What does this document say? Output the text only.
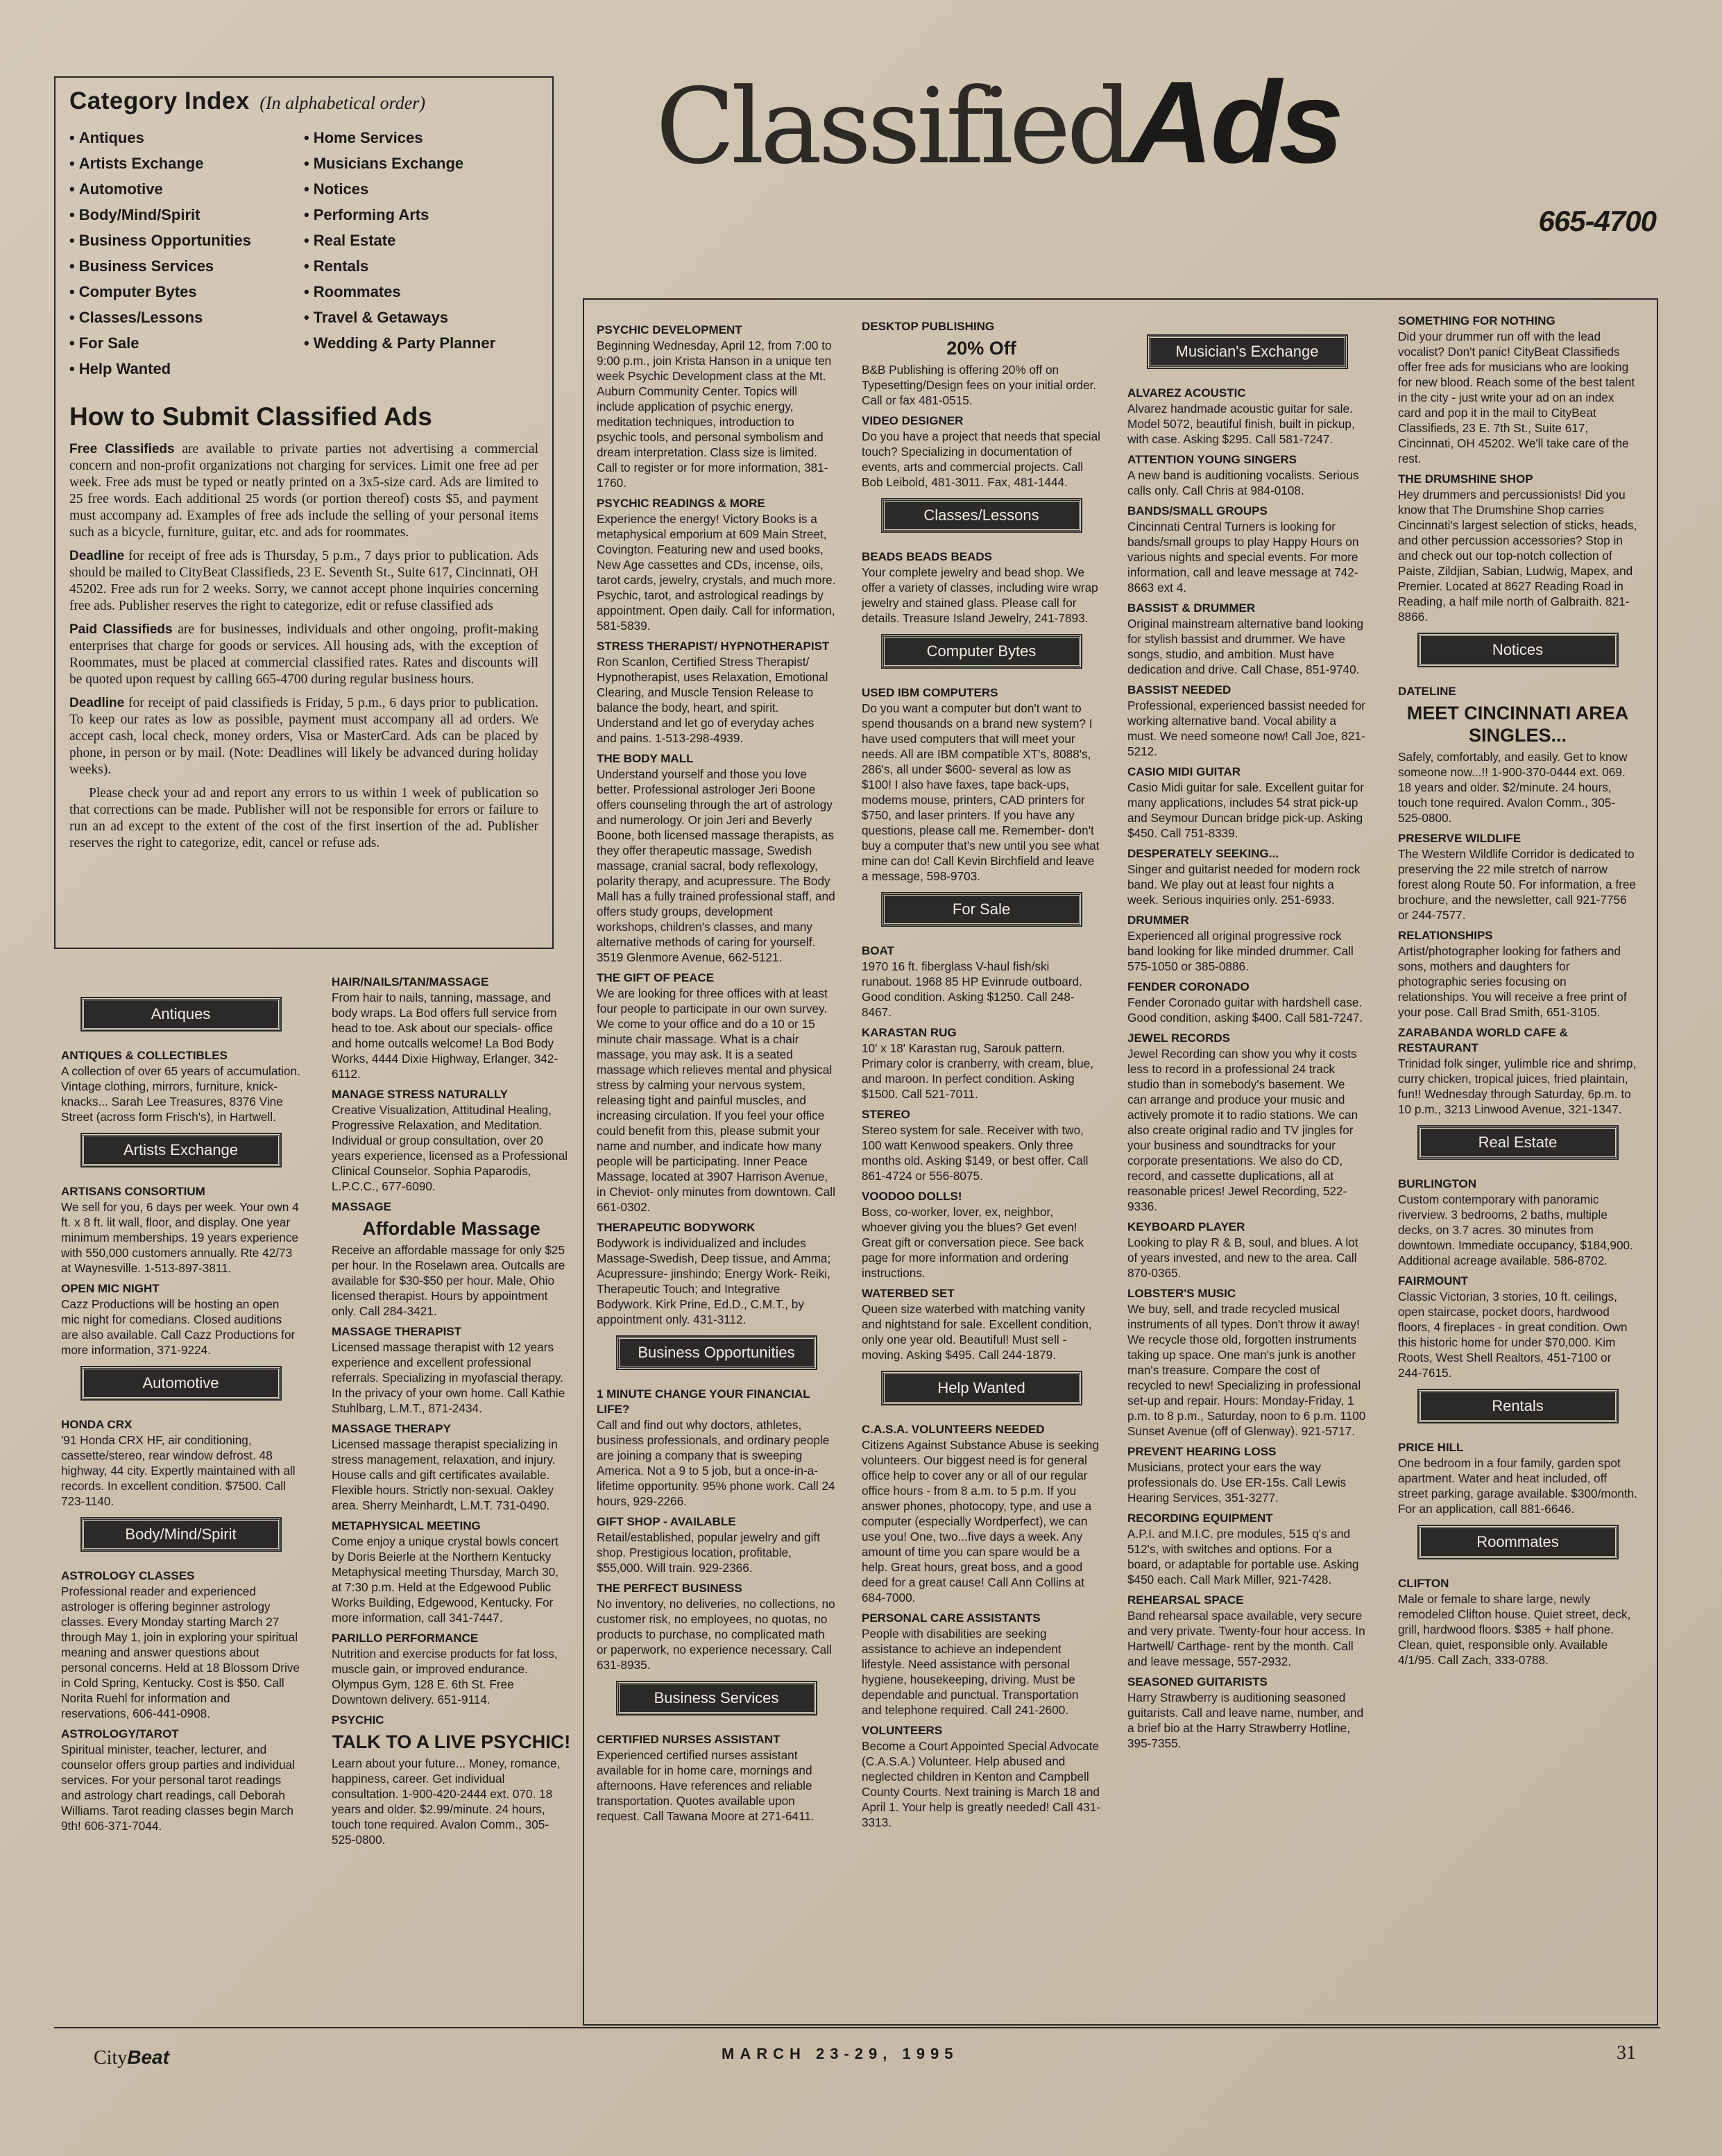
Category Index (In alphabetical order)
• Antiques
• Artists Exchange
• Automotive
• Body/Mind/Spirit
• Business Opportunities
• Business Services
• Computer Bytes
• Classes/Lessons
• For Sale
• Help Wanted
• Home Services
• Musicians Exchange
• Notices
• Performing Arts
• Real Estate
• Rentals
• Roommates
• Travel & Getaways
• Wedding & Party Planner
How to Submit Classified Ads

Free Classifieds are available to private parties not advertising a commercial concern and non-profit organizations not charging for services. Limit one free ad per week. Free ads must be typed or neatly printed on a 3x5-size card. Ads are limited to 25 free words. Each additional 25 words (or portion thereof) costs $5, and payment must accompany ad. Examples of free ads include the selling of your personal items such as a bicycle, furniture, guitar, etc. and ads for roommates.

Deadline for receipt of free ads is Thursday, 5 p.m., 7 days prior to publication. Ads should be mailed to CityBeat Classifieds, 23 E. Seventh St., Suite 617, Cincinnati, OH 45202. Free ads run for 2 weeks. Sorry, we cannot accept phone inquiries concerning free ads. Publisher reserves the right to categorize, edit or refuse classified ads

Paid Classifieds are for businesses, individuals and other ongoing, profit-making enterprises that charge for goods or services. All housing ads, with the exception of Roommates, must be placed at commercial classified rates. Rates and discounts will be quoted upon request by calling 665-4700 during regular business hours.

Deadline for receipt of paid classifieds is Friday, 5 p.m., 6 days prior to publication. To keep our rates as low as possible, payment must accompany all ad orders. We accept cash, local check, money orders, Visa or MasterCard. Ads can be placed by phone, in person or by mail. (Note: Deadlines will likely be advanced during holiday weeks).

Please check your ad and report any errors to us within 1 week of publication so that corrections can be made. Publisher will not be responsible for errors or failure to run an ad except to the extent of the cost of the first insertion of the ad. Publisher reserves the right to categorize, edit, cancel or refuse ads.

ClassifiedAds
665-4700
Antiques
ANTIQUES & COLLECTIBLES
A collection of over 65 years of accumulation. Vintage clothing, mirrors, furniture, knick-knacks... Sarah Lee Treasures, 8376 Vine Street (across form Frisch's), in Hartwell.
Artists Exchange
ARTISANS CONSORTIUM
We sell for you, 6 days per week. Your own 4 ft. x 8 ft. lit wall, floor, and display. One year minimum memberships. 19 years experience with 550,000 customers annually. Rte 42/73 at Waynesville. 1-513-897-3811.
OPEN MIC NIGHT
Cazz Productions will be hosting an open mic night for comedians. Closed auditions are also available. Call Cazz Productions for more information, 371-9224.
Automotive
HONDA CRX
'91 Honda CRX HF, air conditioning, cassette/stereo, rear window defrost. 48 highway, 44 city. Expertly maintained with all records. In excellent condition. $7500. Call 723-1140.
Body/Mind/Spirit
ASTROLOGY CLASSES
Professional reader and experienced astrologer is offering beginner astrology classes. Every Monday starting March 27 through May 1, join in exploring your spiritual meaning and answer questions about personal concerns. Held at 18 Blossom Drive in Cold Spring, Kentucky. Cost is $50. Call Norita Ruehl for information and reservations, 606-441-0908.
ASTROLOGY/TAROT
Spiritual minister, teacher, lecturer, and counselor offers group parties and individual services. For your personal tarot readings and astrology chart readings, call Deborah Williams. Tarot reading classes begin March 9th! 606-371-7044.
HAIR/NAILS/TAN/MASSAGE
From hair to nails, tanning, massage, and body wraps. La Bod offers full service from head to toe. Ask about our specials- office and home outcalls welcome! La Bod Body Works, 4444 Dixie Highway, Erlanger, 342-6112.
MANAGE STRESS NATURALLY
Creative Visualization, Attitudinal Healing, Progressive Relaxation, and Meditation. Individual or group consultation, over 20 years experience, licensed as a Professional Clinical Counselor. Sophia Paparodis, L.P.C.C., 677-6090.
MASSAGE
Affordable Massage
Receive an affordable massage for only $25 per hour. In the Roselawn area. Outcalls are available for $30-$50 per hour. Male, Ohio licensed therapist. Hours by appointment only. Call 284-3421.
MASSAGE THERAPIST
Licensed massage therapist with 12 years experience and excellent professional referrals. Specializing in myofascial therapy. In the privacy of your own home. Call Kathie Stuhlbarg, L.M.T., 871-2434.
MASSAGE THERAPY
Licensed massage therapist specializing in stress management, relaxation, and injury. House calls and gift certificates available. Flexible hours. Strictly non-sexual. Oakley area. Sherry Meinhardt, L.M.T. 731-0490.
METAPHYSICAL MEETING
Come enjoy a unique crystal bowls concert by Doris Beierle at the Northern Kentucky Metaphysical meeting Thursday, March 30, at 7:30 p.m. Held at the Edgewood Public Works Building, Edgewood, Kentucky. For more information, call 341-7447.
PARILLO PERFORMANCE
Nutrition and exercise products for fat loss, muscle gain, or improved endurance. Olympus Gym, 128 E. 6th St. Free Downtown delivery. 651-9114.
PSYCHIC
TALK TO A LIVE PSYCHIC!
Learn about your future... Money, romance, happiness, career. Get individual consultation. 1-900-420-2444 ext. 070. 18 years and older. $2.99/minute. 24 hours, touch tone required. Avalon Comm., 305-525-0800.
PSYCHIC DEVELOPMENT
Beginning Wednesday, April 12, from 7:00 to 9:00 p.m., join Krista Hanson in a unique ten week Psychic Development class at the Mt. Auburn Community Center. Topics will include application of psychic energy, meditation techniques, introduction to psychic tools, and personal symbolism and dream interpretation. Class size is limited. Call to register or for more information, 381-1760.
PSYCHIC READINGS & MORE
Experience the energy! Victory Books is a metaphysical emporium at 609 Main Street, Covington. Featuring new and used books, New Age cassettes and CDs, incense, oils, tarot cards, jewelry, crystals, and much more. Psychic, tarot, and astrological readings by appointment. Open daily. Call for information, 581-5839.
STRESS THERAPIST/ HYPNOTHERAPIST
Ron Scanlon, Certified Stress Therapist/ Hypnotherapist, uses Relaxation, Emotional Clearing, and Muscle Tension Release to balance the body, heart, and spirit. Understand and let go of everyday aches and pains. 1-513-298-4939.
THE BODY MALL
Understand yourself and those you love better. Professional astrologer Jeri Boone offers counseling through the art of astrology and numerology. Or join Jeri and Beverly Boone, both licensed massage therapists, as they offer therapeutic massage, Swedish massage, cranial sacral, body reflexology, polarity therapy, and acupressure. The Body Mall has a fully trained professional staff, and offers study groups, development workshops, children's classes, and many alternative methods of caring for yourself. 3519 Glenmore Avenue, 662-5121.
THE GIFT OF PEACE
We are looking for three offices with at least four people to participate in our own survey. We come to your office and do a 10 or 15 minute chair massage. What is a chair massage, you may ask. It is a seated massage which relieves mental and physical stress by calming your nervous system, releasing tight and painful muscles, and increasing circulation. If you feel your office could benefit from this, please submit your name and number, and indicate how many people will be participating. Inner Peace Massage, located at 3907 Harrison Avenue, in Cheviot- only minutes from downtown. Call 661-0302.
THERAPEUTIC BODYWORK
Bodywork is individualized and includes Massage-Swedish, Deep tissue, and Amma; Acupressure- jinshindo; Energy Work- Reiki, Therapeutic Touch; and Integrative Bodywork. Kirk Prine, Ed.D., C.M.T., by appointment only. 431-3112.
Business Opportunities
1 MINUTE CHANGE YOUR FINANCIAL LIFE?
Call and find out why doctors, athletes, business professionals, and ordinary people are joining a company that is sweeping America. Not a 9 to 5 job, but a once-in-a-lifetime opportunity. 95% phone work. Call 24 hours, 929-2266.
GIFT SHOP - AVAILABLE
Retail/established, popular jewelry and gift shop. Prestigious location, profitable, $55,000. Will train. 929-2366.
THE PERFECT BUSINESS
No inventory, no deliveries, no collections, no customer risk, no employees, no quotas, no products to purchase, no complicated math or paperwork, no experience necessary. Call 631-8935.
Business Services
CERTIFIED NURSES ASSISTANT
Experienced certified nurses assistant available for in home care, mornings and afternoons. Have references and reliable transportation. Quotes available upon request. Call Tawana Moore at 271-6411.
DESKTOP PUBLISHING
20% Off
B&B Publishing is offering 20% off on Typesetting/Design fees on your initial order. Call or fax 481-0515.
VIDEO DESIGNER
Do you have a project that needs that special touch? Specializing in documentation of events, arts and commercial projects. Call Bob Leibold, 481-3011. Fax, 481-1444.
Classes/Lessons
BEADS BEADS BEADS
Your complete jewelry and bead shop. We offer a variety of classes, including wire wrap jewelry and stained glass. Please call for details. Treasure Island Jewelry, 241-7893.
Computer Bytes
USED IBM COMPUTERS
Do you want a computer but don't want to spend thousands on a brand new system? I have used computers that will meet your needs. All are IBM compatible XT's, 8088's, 286's, all under $600- several as low as $100! I also have faxes, tape back-ups, modems mouse, printers, CAD printers for $750, and laser printers. If you have any questions, please call me. Remember- don't buy a computer that's new until you see what mine can do! Call Kevin Birchfield and leave a message, 598-9703.
For Sale
BOAT
1970 16 ft. fiberglass V-haul fish/ski runabout. 1968 85 HP Evinrude outboard. Good condition. Asking $1250. Call 248-8467.
KARASTAN RUG
10' x 18' Karastan rug, Sarouk pattern. Primary color is cranberry, with cream, blue, and maroon. In perfect condition. Asking $1500. Call 521-7011.
STEREO
Stereo system for sale. Receiver with two, 100 watt Kenwood speakers. Only three months old. Asking $149, or best offer. Call 861-4724 or 556-8075.
VOODOO DOLLS!
Boss, co-worker, lover, ex, neighbor, whoever giving you the blues? Get even! Great gift or conversation piece. See back page for more information and ordering instructions.
WATERBED SET
Queen size waterbed with matching vanity and nightstand for sale. Excellent condition, only one year old. Beautiful! Must sell - moving. Asking $495. Call 244-1879.
Help Wanted
C.A.S.A. VOLUNTEERS NEEDED
Citizens Against Substance Abuse is seeking volunteers. Our biggest need is for general office help to cover any or all of our regular office hours - from 8 a.m. to 5 p.m. If you answer phones, photocopy, type, and use a computer (especially Wordperfect), we can use you! One, two...five days a week. Any amount of time you can spare would be a help. Great hours, great boss, and a good deed for a great cause! Call Ann Collins at 684-7000.
PERSONAL CARE ASSISTANTS
People with disabilities are seeking assistance to achieve an independent lifestyle. Need assistance with personal hygiene, housekeeping, driving. Must be dependable and punctual. Transportation and telephone required. Call 241-2600.
VOLUNTEERS
Become a Court Appointed Special Advocate (C.A.S.A.) Volunteer. Help abused and neglected children in Kenton and Campbell County Courts. Next training is March 18 and April 1. Your help is greatly needed! Call 431-3313.
Musician's Exchange
ALVAREZ ACOUSTIC
Alvarez handmade acoustic guitar for sale. Model 5072, beautiful finish, built in pickup, with case. Asking $295. Call 581-7247.
ATTENTION YOUNG SINGERS
A new band is auditioning vocalists. Serious calls only. Call Chris at 984-0108.
BANDS/SMALL GROUPS
Cincinnati Central Turners is looking for bands/small groups to play Happy Hours on various nights and special events. For more information, call and leave message at 742-8663 ext 4.
BASSIST & DRUMMER
Original mainstream alternative band looking for stylish bassist and drummer. We have songs, studio, and ambition. Must have dedication and drive. Call Chase, 851-9740.
BASSIST NEEDED
Professional, experienced bassist needed for working alternative band. Vocal ability a must. We need someone now! Call Joe, 821-5212.
CASIO MIDI GUITAR
Casio Midi guitar for sale. Excellent guitar for many applications, includes 54 strat pick-up and Seymour Duncan bridge pick-up. Asking $450. Call 751-8339.
DESPERATELY SEEKING...
Singer and guitarist needed for modern rock band. We play out at least four nights a week. Serious inquiries only. 251-6933.
DRUMMER
Experienced all original progressive rock band looking for like minded drummer. Call 575-1050 or 385-0886.
FENDER CORONADO
Fender Coronado guitar with hardshell case. Good condition, asking $400. Call 581-7247.
JEWEL RECORDS
Jewel Recording can show you why it costs less to record in a professional 24 track studio than in somebody's basement. We can arrange and produce your music and actively promote it to radio stations. We can also create original radio and TV jingles for your business and soundtracks for your corporate presentations. We also do CD, record, and cassette duplications, all at reasonable prices! Jewel Recording, 522-9336.
KEYBOARD PLAYER
Looking to play R & B, soul, and blues. A lot of years invested, and new to the area. Call 870-0365.
LOBSTER'S MUSIC
We buy, sell, and trade recycled musical instruments of all types. Don't throw it away! We recycle those old, forgotten instruments taking up space. One man's junk is another man's treasure. Compare the cost of recycled to new! Specializing in professional set-up and repair. Hours: Monday-Friday, 1 p.m. to 8 p.m., Saturday, noon to 6 p.m. 1100 Sunset Avenue (off of Glenway). 921-5717.
PREVENT HEARING LOSS
Musicians, protect your ears the way professionals do. Use ER-15s. Call Lewis Hearing Services, 351-3277.
RECORDING EQUIPMENT
A.P.I. and M.I.C. pre modules, 515 q's and 512's, with switches and options. For a board, or adaptable for portable use. Asking $450 each. Call Mark Miller, 921-7428.
REHEARSAL SPACE
Band rehearsal space available, very secure and very private. Twenty-four hour access. In Hartwell/ Carthage- rent by the month. Call and leave message, 557-2932.
SEASONED GUITARISTS
Harry Strawberry is auditioning seasoned guitarists. Call and leave name, number, and a brief bio at the Harry Strawberry Hotline, 395-7355.
SOMETHING FOR NOTHING
Did your drummer run off with the lead vocalist? Don't panic! CityBeat Classifieds offer free ads for musicians who are looking for new blood. Reach some of the best talent in the city - just write your ad on an index card and pop it in the mail to CityBeat Classifieds, 23 E. 7th St., Suite 617, Cincinnati, OH 45202. We'll take care of the rest.
THE DRUMSHINE SHOP
Hey drummers and percussionists! Did you know that The Drumshine Shop carries Cincinnati's largest selection of sticks, heads, and other percussion accessories? Stop in and check out our top-notch collection of Paiste, Zildjian, Sabian, Ludwig, Mapex, and Premier. Located at 8627 Reading Road in Reading, a half mile north of Galbraith. 821-8866.
Notices
DATELINE
MEET CINCINNATI AREA SINGLES...
Safely, comfortably, and easily. Get to know someone now...!! 1-900-370-0444 ext. 069. 18 years and older. $2/minute. 24 hours, touch tone required. Avalon Comm., 305-525-0800.
PRESERVE WILDLIFE
The Western Wildlife Corridor is dedicated to preserving the 22 mile stretch of narrow forest along Route 50. For information, a free brochure, and the newsletter, call 921-7756 or 244-7577.
RELATIONSHIPS
Artist/photographer looking for fathers and sons, mothers and daughters for photographic series focusing on relationships. You will receive a free print of your pose. Call Brad Smith, 651-3105.
ZARABANDA WORLD CAFE & RESTAURANT
Trinidad folk singer, yulimble rice and shrimp, curry chicken, tropical juices, fried plaintain, fun!! Wednesday through Saturday, 6p.m. to 10 p.m., 3213 Linwood Avenue, 321-1347.
Real Estate
BURLINGTON
Custom contemporary with panoramic riverview. 3 bedrooms, 2 baths, multiple decks, on 3.7 acres. 30 minutes from downtown. Immediate occupancy, $184,900. Additional acreage available. 586-8702.
FAIRMOUNT
Classic Victorian, 3 stories, 10 ft. ceilings, open staircase, pocket doors, hardwood floors, 4 fireplaces - in great condition. Own this historic home for under $70,000. Kim Roots, West Shell Realtors, 451-7100 or 244-7615.
Rentals
PRICE HILL
One bedroom in a four family, garden spot apartment. Water and heat included, off street parking, garage available. $300/month. For an application, call 881-6646.
Roommates
CLIFTON
Male or female to share large, newly remodeled Clifton house. Quiet street, deck, grill, hardwood floors. $385 + half phone. Clean, quiet, responsible only. Available 4/1/95. Call Zach, 333-0788.
CityBeat	MARCH 23-29, 1995	31
